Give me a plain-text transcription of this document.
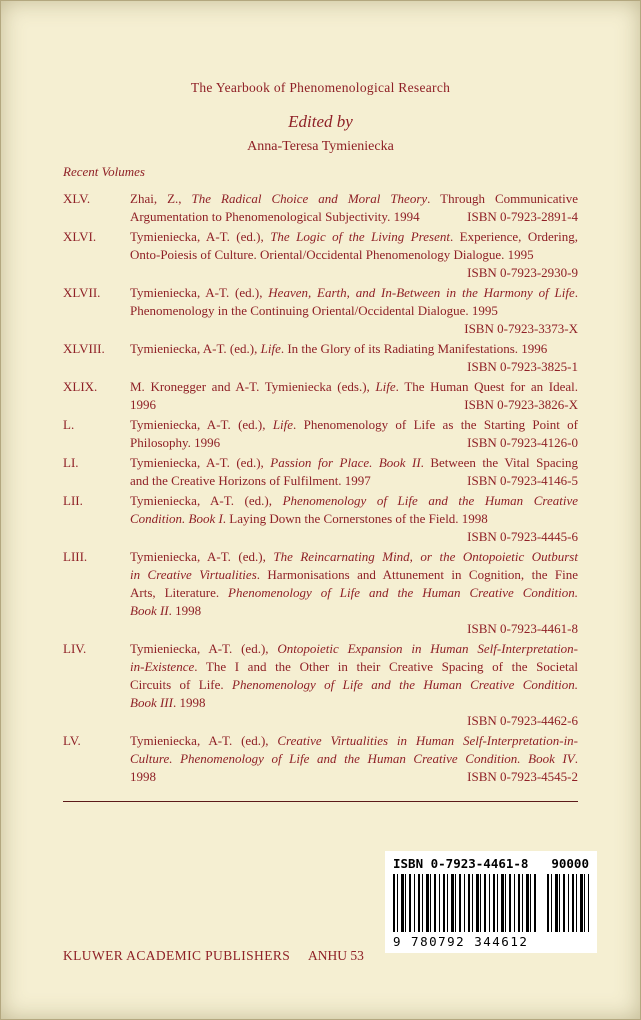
The Yearbook of Phenomenological Research
Edited by
Anna-Teresa Tymieniecka
Recent Volumes
XLV.	Zhai, Z., The Radical Choice and Moral Theory. Through Communicative
Argumentation to Phenomenological Subjectivity. 1994	ISBN 0-7923-2891-4
XLVI.	Tymieniecka, A-T. (ed.), The Logic of the Living Present. Experience, Ordering,
Onto-Poiesis of Culture. Oriental/Occidental Phenomenology Dialogue. 1995
ISBN 0-7923-2930-9
XLVII.	Tymieniecka, A-T. (ed.), Heaven, Earth, and In-Between in the Harmony of Life.
Phenomenology in the Continuing Oriental/Occidental Dialogue. 1995
ISBN 0-7923-3373-X
XLVIII.	Tymieniecka, A-T. (ed.), Life. In the Glory of its Radiating Manifestations. 1996
ISBN 0-7923-3825-1
XLIX.	M. Kronegger and A-T. Tymieniecka (eds.), Life. The Human Quest for an Ideal.
1996	ISBN 0-7923-3826-X
L.	Tymieniecka, A-T. (ed.), Life. Phenomenology of Life as the Starting Point of
Philosophy. 1996	ISBN 0-7923-4126-0
LI.	Tymieniecka, A-T. (ed.), Passion for Place. Book II. Between the Vital Spacing
and the Creative Horizons of Fulfilment. 1997	ISBN 0-7923-4146-5
LII.	Tymieniecka, A-T. (ed.), Phenomenology of Life and the Human Creative
Condition. Book I. Laying Down the Cornerstones of the Field. 1998
ISBN 0-7923-4445-6
LIII.	Tymieniecka, A-T. (ed.), The Reincarnating Mind, or the Ontopoietic Outburst
in Creative Virtualities. Harmonisations and Attunement in Cognition, the Fine
Arts, Literature. Phenomenology of Life and the Human Creative Condition.
Book II. 1998
ISBN 0-7923-4461-8
LIV.	Tymieniecka, A-T. (ed.), Ontopoietic Expansion in Human Self-Interpretation-
in-Existence. The I and the Other in their Creative Spacing of the Societal
Circuits of Life. Phenomenology of Life and the Human Creative Condition.
Book III. 1998
ISBN 0-7923-4462-6
LV.	Tymieniecka, A-T. (ed.), Creative Virtualities in Human Self-Interpretation-in-
Culture. Phenomenology of Life and the Human Creative Condition. Book IV.
1998	ISBN 0-7923-4545-2
ISBN 0-7923-4461-8 90000
9 780792 344612
KLUWER ACADEMIC PUBLISHERS ANHU 53
